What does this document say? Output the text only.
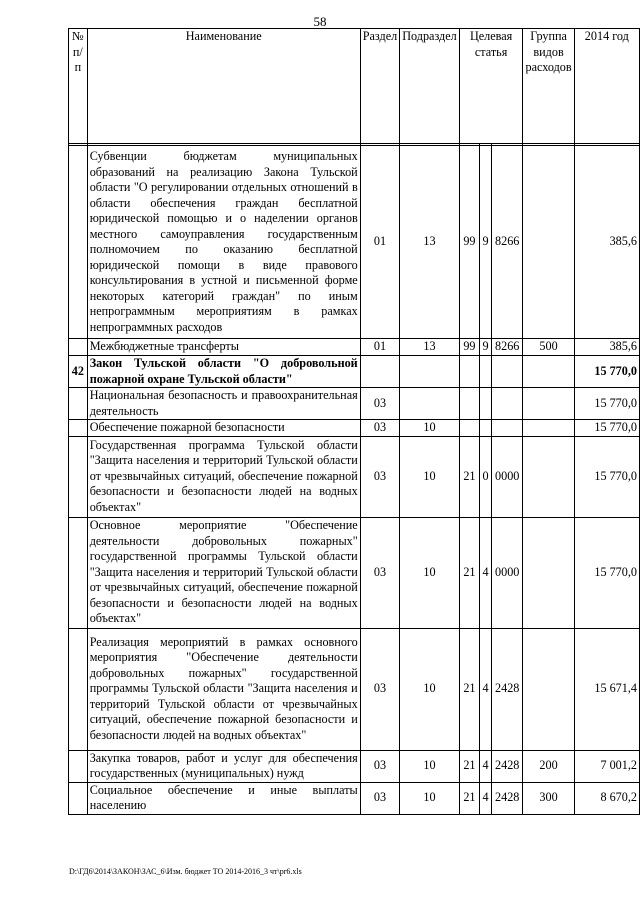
58
№ п/п	Наименование	Раздел	Подраздел	Целевая статья			Группа видов расходов	2014 год

	Субвенции бюджетам муниципальных образований на реализацию Закона Тульской области "О регулировании отдельных отношений в области обеспечения граждан бесплатной юридической помощью и о наделении органов местного самоуправления государственным полномочием по оказанию бесплатной юридической помощи в виде правового консультирования в устной и письменной форме некоторых категорий граждан" по иным непрограммным мероприятиям в рамках непрограммных расходов	01	13	99	9	8266		385,6
	Межбюджетные трансферты	01	13	99	9	8266	500	385,6
42	Закон Тульской области "О добровольной пожарной охране Тульской области"							15 770,0
	Национальная безопасность и правоохранительная деятельность	03						15 770,0
	Обеспечение пожарной безопасности	03	10					15 770,0
	Государственная программа Тульской области "Защита населения и территорий Тульской области от чрезвычайных ситуаций, обеспечение пожарной безопасности и безопасности людей на водных объектах"	03	10	21	0	0000		15 770,0
	Основное мероприятие "Обеспечение деятельности добровольных пожарных" государственной программы Тульской области "Защита населения и территорий Тульской области от чрезвычайных ситуаций, обеспечение пожарной безопасности и безопасности людей на водных объектах"	03	10	21	4	0000		15 770,0
	Реализация мероприятий в рамках основного мероприятия "Обеспечение деятельности добровольных пожарных" государственной программы Тульской области "Защита населения и территорий Тульской области от чрезвычайных ситуаций, обеспечение пожарной безопасности и безопасности людей на водных объектах"	03	10	21	4	2428		15 671,4
	Закупка товаров, работ и услуг для обеспечения государственных (муниципальных) нужд	03	10	21	4	2428	200	7 001,2
	Социальное обеспечение и иные выплаты населению	03	10	21	4	2428	300	8 670,2
D:\ГД6\2014\ЗАКОН\ЗАС_6\Изм. бюджет ТО 2014-2016_3 чт\pr6.xls
